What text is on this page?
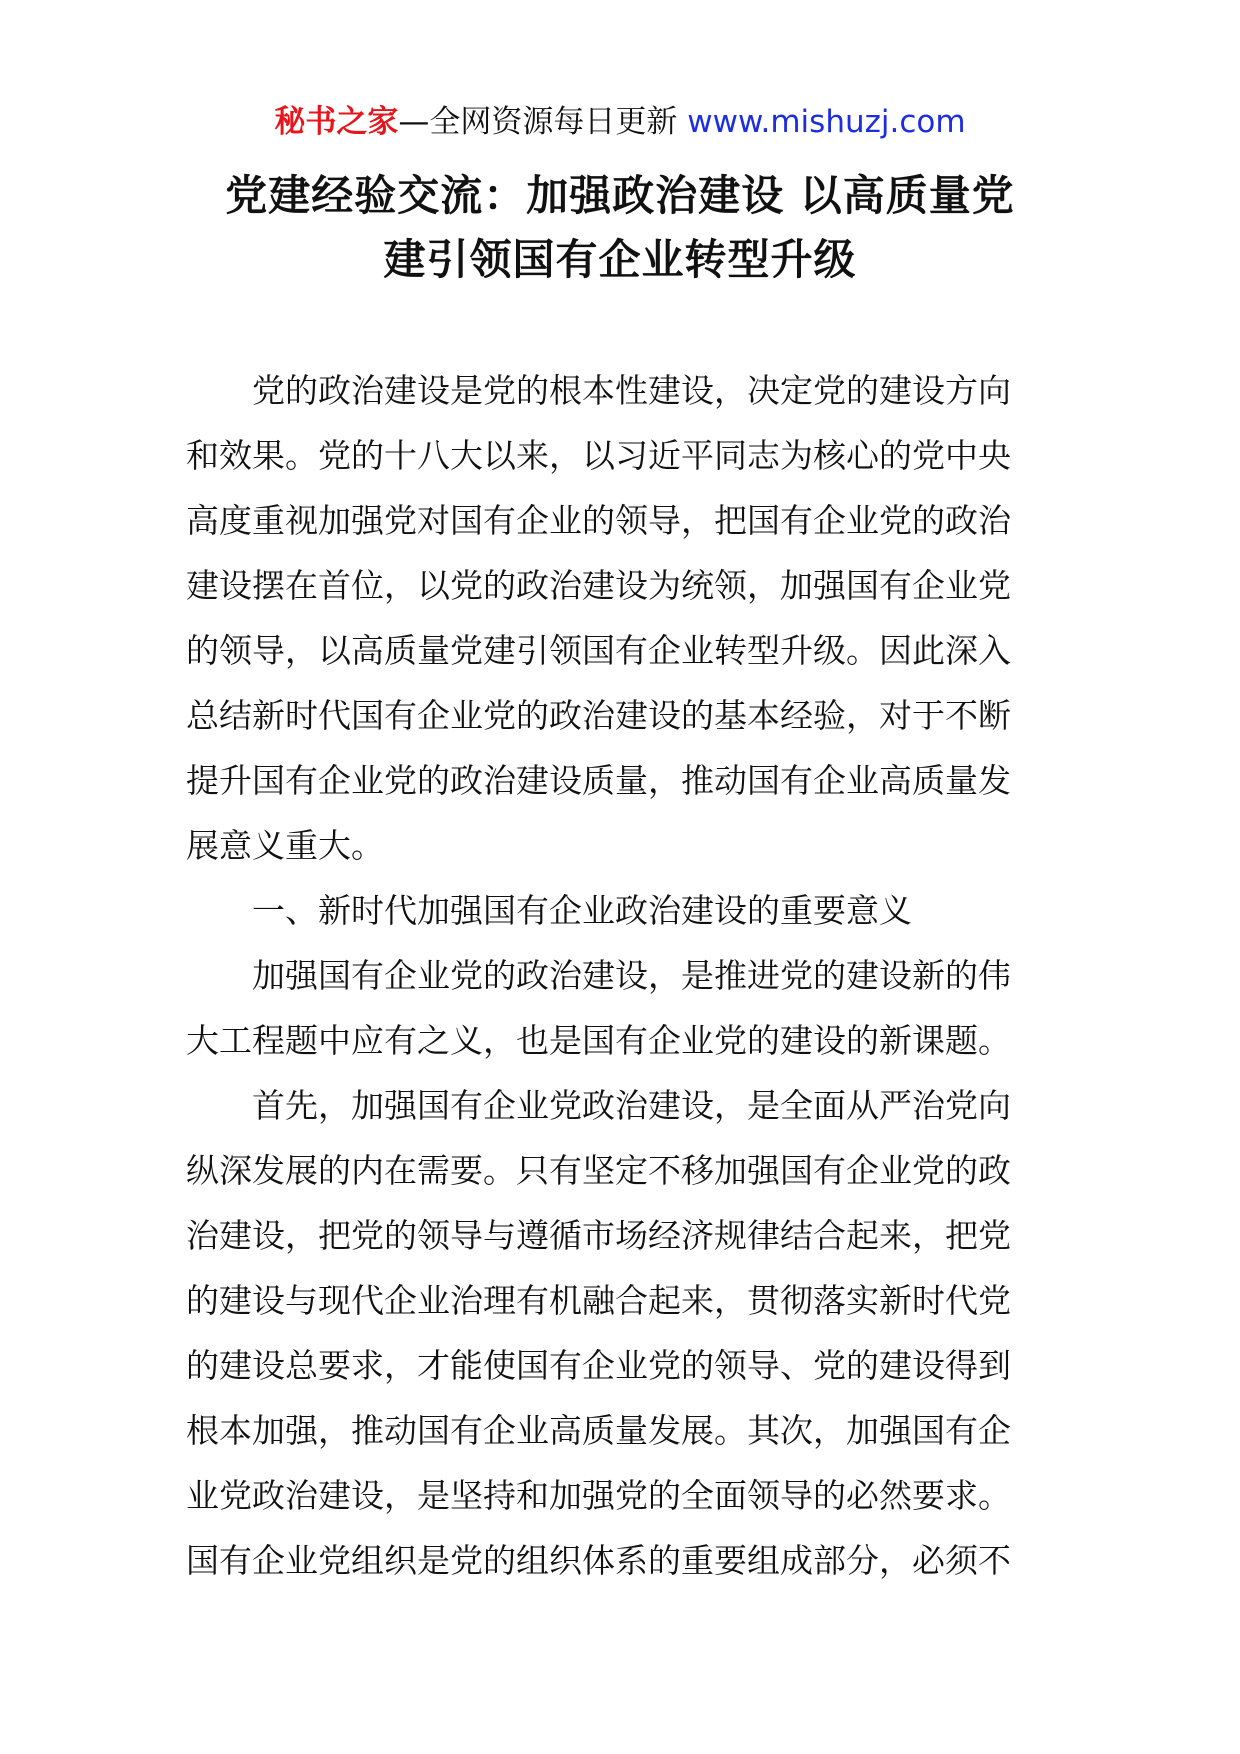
秘书之家—全网资源每日更新 www.mishuzj.com
党建经验交流：加强政治建设 以高质量党
建引领国有企业转型升级
　　党的政治建设是党的根本性建设，决定党的建设方向
和效果。党的十八大以来，以习近平同志为核心的党中央
高度重视加强党对国有企业的领导，把国有企业党的政治
建设摆在首位，以党的政治建设为统领，加强国有企业党
的领导，以高质量党建引领国有企业转型升级。因此深入
总结新时代国有企业党的政治建设的基本经验，对于不断
提升国有企业党的政治建设质量，推动国有企业高质量发
展意义重大。
　　一、新时代加强国有企业政治建设的重要意义
　　加强国有企业党的政治建设，是推进党的建设新的伟
大工程题中应有之义，也是国有企业党的建设的新课题。
　　首先，加强国有企业党政治建设，是全面从严治党向
纵深发展的内在需要。只有坚定不移加强国有企业党的政
治建设，把党的领导与遵循市场经济规律结合起来，把党
的建设与现代企业治理有机融合起来，贯彻落实新时代党
的建设总要求，才能使国有企业党的领导、党的建设得到
根本加强，推动国有企业高质量发展。其次，加强国有企
业党政治建设，是坚持和加强党的全面领导的必然要求。
国有企业党组织是党的组织体系的重要组成部分，必须不
